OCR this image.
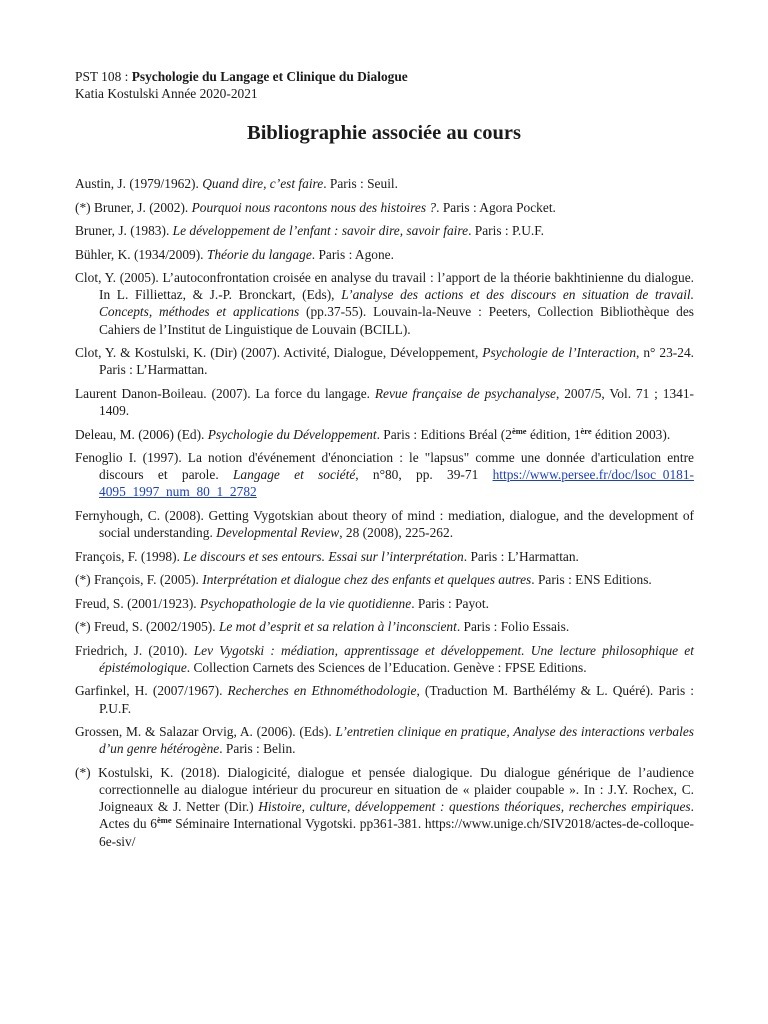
PST 108 : Psychologie du Langage et Clinique du Dialogue
Katia Kostulski Année 2020-2021
Bibliographie associée au cours
Austin, J. (1979/1962). Quand dire, c’est faire. Paris : Seuil.
(*) Bruner, J. (2002). Pourquoi nous racontons nous des histoires ?. Paris : Agora Pocket.
Bruner, J. (1983). Le développement de l’enfant : savoir dire, savoir faire. Paris : P.U.F.
Bühler, K. (1934/2009). Théorie du langage. Paris : Agone.
Clot, Y. (2005). L’autoconfrontation croisée en analyse du travail : l’apport de la théorie bakhtinienne du dialogue. In L. Filliettaz, & J.-P. Bronckart, (Eds), L’analyse des actions et des discours en situation de travail. Concepts, méthodes et applications (pp.37-55). Louvain-la-Neuve : Peeters, Collection Bibliothèque des Cahiers de l’Institut de Linguistique de Louvain (BCILL).
Clot, Y. & Kostulski, K. (Dir) (2007). Activité, Dialogue, Développement, Psychologie de l’Interaction, n° 23-24. Paris : L’Harmattan.
Laurent Danon-Boileau. (2007). La force du langage. Revue française de psychanalyse, 2007/5, Vol. 71 ; 1341-1409.
Deleau, M. (2006) (Ed). Psychologie du Développement. Paris : Editions Bréal (2ème édition, 1ère édition 2003).
Fenoglio I. (1997). La notion d'événement d'énonciation : le "lapsus" comme une donnée d'articulation entre discours et parole. Langage et société, n°80, pp. 39-71 https://www.persee.fr/doc/lsoc_0181-4095_1997_num_80_1_2782
Fernyhough, C. (2008). Getting Vygotskian about theory of mind : mediation, dialogue, and the development of social understanding. Developmental Review, 28 (2008), 225-262.
François, F. (1998). Le discours et ses entours. Essai sur l’interprétation. Paris : L’Harmattan.
(*) François, F. (2005). Interprétation et dialogue chez des enfants et quelques autres. Paris : ENS Editions.
Freud, S. (2001/1923). Psychopathologie de la vie quotidienne. Paris : Payot.
(*) Freud, S. (2002/1905). Le mot d’esprit et sa relation à l’inconscient. Paris : Folio Essais.
Friedrich, J. (2010). Lev Vygotski : médiation, apprentissage et développement. Une lecture philosophique et épistémologique. Collection Carnets des Sciences de l’Education. Genève : FPSE Editions.
Garfinkel, H. (2007/1967). Recherches en Ethnométhodologie, (Traduction M. Barthélémy & L. Quéré). Paris : P.U.F.
Grossen, M. & Salazar Orvig, A. (2006). (Eds). L’entretien clinique en pratique, Analyse des interactions verbales d’un genre hétérogène. Paris : Belin.
(*) Kostulski, K. (2018). Dialogicité, dialogue et pensée dialogique. Du dialogue générique de l’audience correctionnelle au dialogue intérieur du procureur en situation de « plaider coupable ». In : J.Y. Rochex, C. Joigneaux & J. Netter (Dir.) Histoire, culture, développement : questions théoriques, recherches empiriques. Actes du 6ème Séminaire International Vygotski. pp361-381. https://www.unige.ch/SIV2018/actes-de-colloque-6e-siv/
